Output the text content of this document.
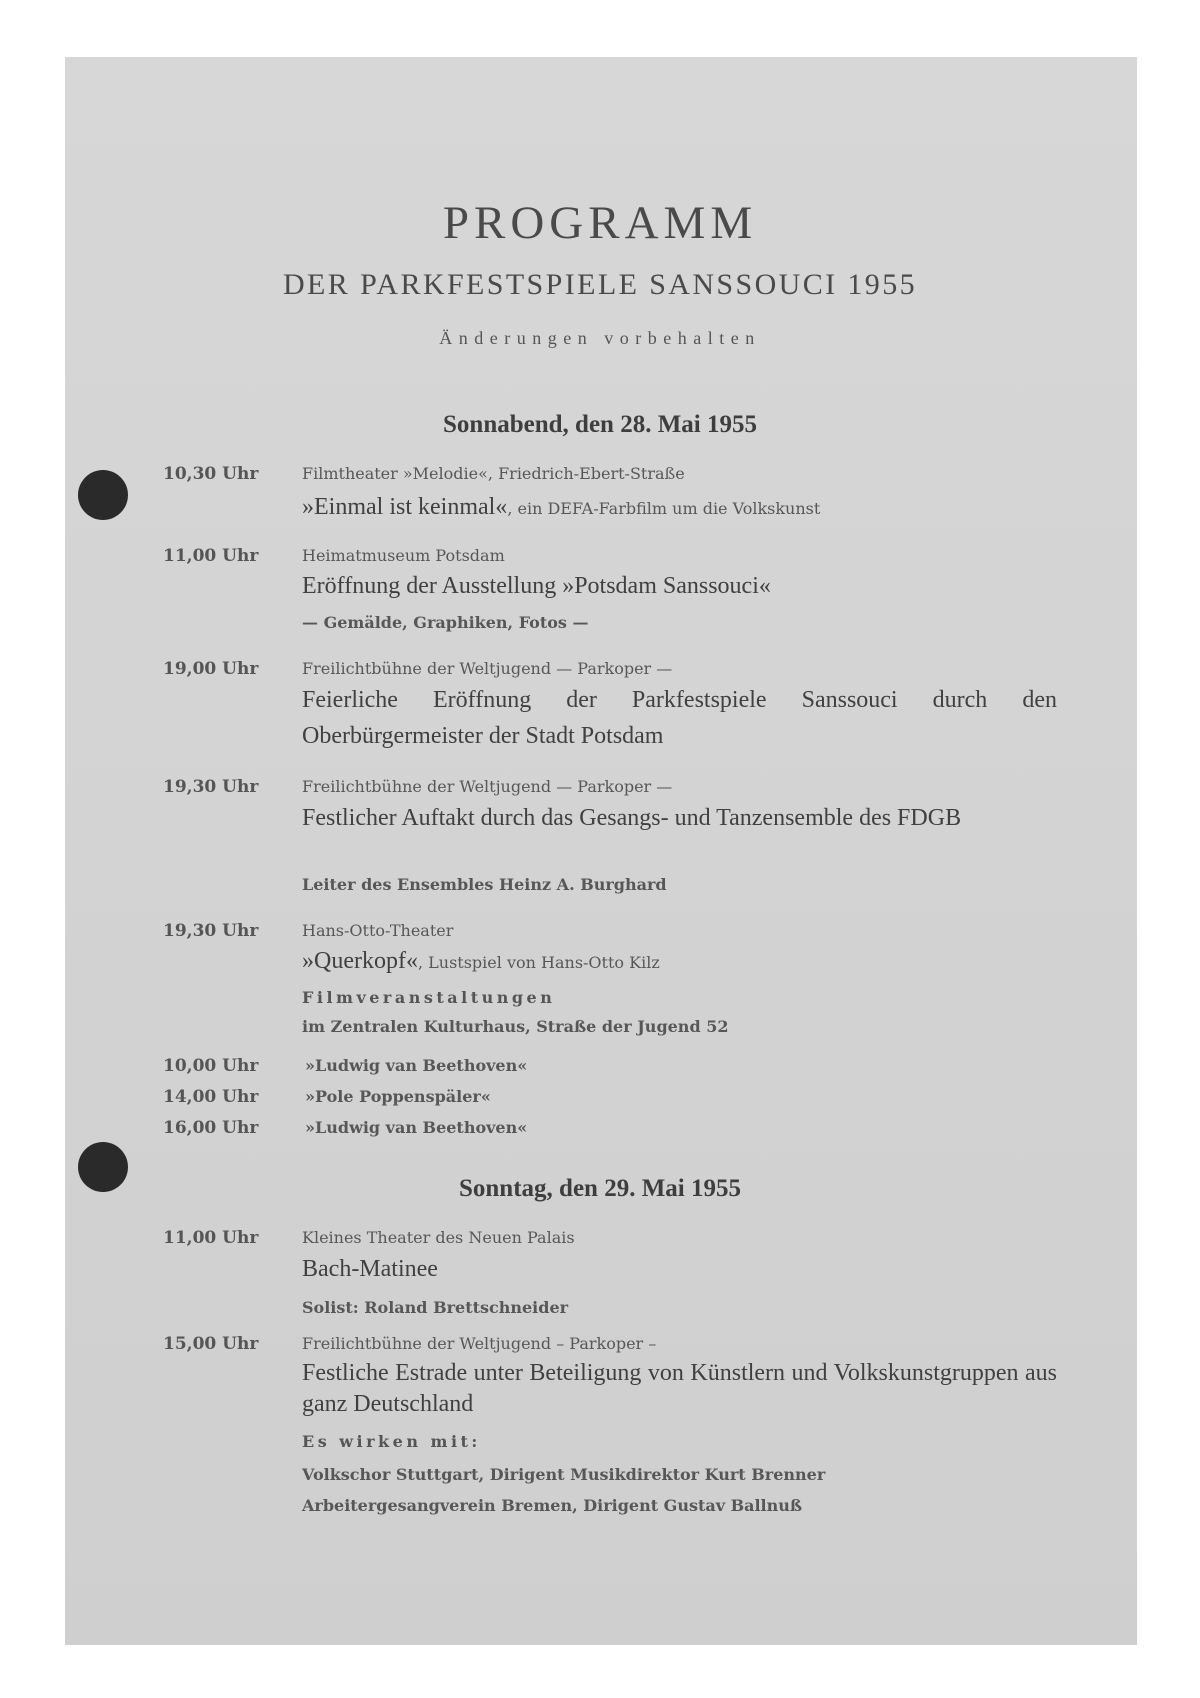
PROGRAMM
DER PARKFESTSPIELE SANSSOUCI 1955
Änderungen vorbehalten
Sonnabend, den 28. Mai 1955
10,30 Uhr	Filmtheater »Melodie«, Friedrich-Ebert-Straße
»Einmal ist keinmal«, ein DEFA-Farbfilm um die Volkskunst
11,00 Uhr	Heimatmuseum Potsdam
Eröffnung der Ausstellung »Potsdam Sanssouci«
— Gemälde, Graphiken, Fotos —
19,00 Uhr	Freilichtbühne der Weltjugend — Parkoper —
Feierliche Eröffnung der Parkfestspiele Sanssouci durch den Oberbürgermeister der Stadt Potsdam
19,30 Uhr	Freilichtbühne der Weltjugend — Parkoper —
Festlicher Auftakt durch das Gesangs- und Tanzensemble des FDGB
Leiter des Ensembles Heinz A. Burghard
19,30 Uhr	Hans-Otto-Theater
»Querkopf«, Lustspiel von Hans-Otto Kilz
Filmveranstaltungen
im Zentralen Kulturhaus, Straße der Jugend 52
10,00 Uhr	»Ludwig van Beethoven«
14,00 Uhr	»Pole Poppenspäler«
16,00 Uhr	»Ludwig van Beethoven«
Sonntag, den 29. Mai 1955
11,00 Uhr	Kleines Theater des Neuen Palais
Bach-Matinee
Solist: Roland Brettschneider
15,00 Uhr	Freilichtbühne der Weltjugend – Parkoper –
Festliche Estrade unter Beteiligung von Künstlern und Volkskunstgruppen aus ganz Deutschland
Es wirken mit:
Volkschor Stuttgart, Dirigent Musikdirektor Kurt Brenner
Arbeitergesangverein Bremen, Dirigent Gustav Ballnuß
